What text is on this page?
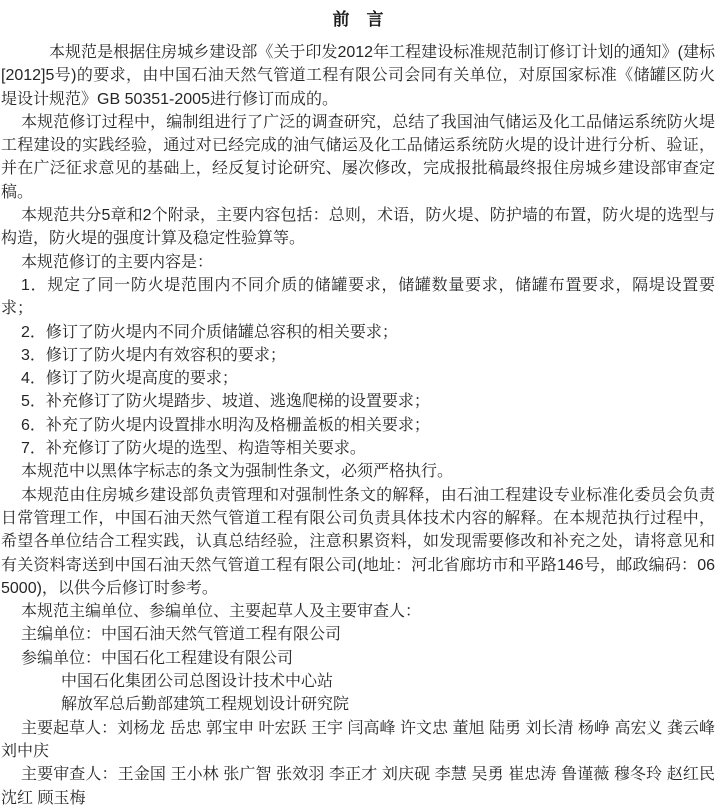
前　言

本规范是根据住房城乡建设部《关于印发2012年工程建设标准规范制订修订计划的通知》(建标[2012]5号)的要求，由中国石油天然气管道工程有限公司会同有关单位，对原国家标准《储罐区防火堤设计规范》GB 50351-2005进行修订而成的。

本规范修订过程中，编制组进行了广泛的调查研究，总结了我国油气储运及化工品储运系统防火堤工程建设的实践经验，通过对已经完成的油气储运及化工品储运系统防火堤的设计进行分析、验证，并在广泛征求意见的基础上，经反复讨论研究、屡次修改，完成报批稿最终报住房城乡建设部审查定稿。

本规范共分5章和2个附录，主要内容包括：总则，术语，防火堤、防护墙的布置，防火堤的选型与构造，防火堤的强度计算及稳定性验算等。

本规范修订的主要内容是：

1．规定了同一防火堤范围内不同介质的储罐要求，储罐数量要求，储罐布置要求，隔堤设置要求；

2．修订了防火堤内不同介质储罐总容积的相关要求；

3．修订了防火堤内有效容积的要求；

4．修订了防火堤高度的要求；

5．补充修订了防火堤踏步、坡道、逃逸爬梯的设置要求；

6．补充了防火堤内设置排水明沟及格栅盖板的相关要求；

7．补充修订了防火堤的选型、构造等相关要求。

本规范中以黑体字标志的条文为强制性条文，必须严格执行。

本规范由住房城乡建设部负责管理和对强制性条文的解释，由石油工程建设专业标准化委员会负责日常管理工作，中国石油天然气管道工程有限公司负责具体技术内容的解释。在本规范执行过程中，希望各单位结合工程实践，认真总结经验，注意积累资料，如发现需要修改和补充之处，请将意见和有关资料寄送到中国石油天然气管道工程有限公司(地址：河北省廊坊市和平路146号，邮政编码：065000)，以供今后修订时参考。

本规范主编单位、参编单位、主要起草人及主要审查人：

主编单位：中国石油天然气管道工程有限公司

参编单位：中国石化工程建设有限公司

中国石化集团公司总图设计技术中心站

解放军总后勤部建筑工程规划设计研究院

主要起草人：刘杨龙 岳忠 郭宝申 叶宏跃 王宇 闫高峰 许文忠 董旭 陆勇 刘长清 杨峥 高宏义 龚云峰 刘中庆

主要审查人：王金国 王小林 张广智 张效羽 李正才 刘庆砚 李慧 吴勇 崔忠涛 鲁谨薇 穆冬玲 赵红民 沈红 顾玉梅
